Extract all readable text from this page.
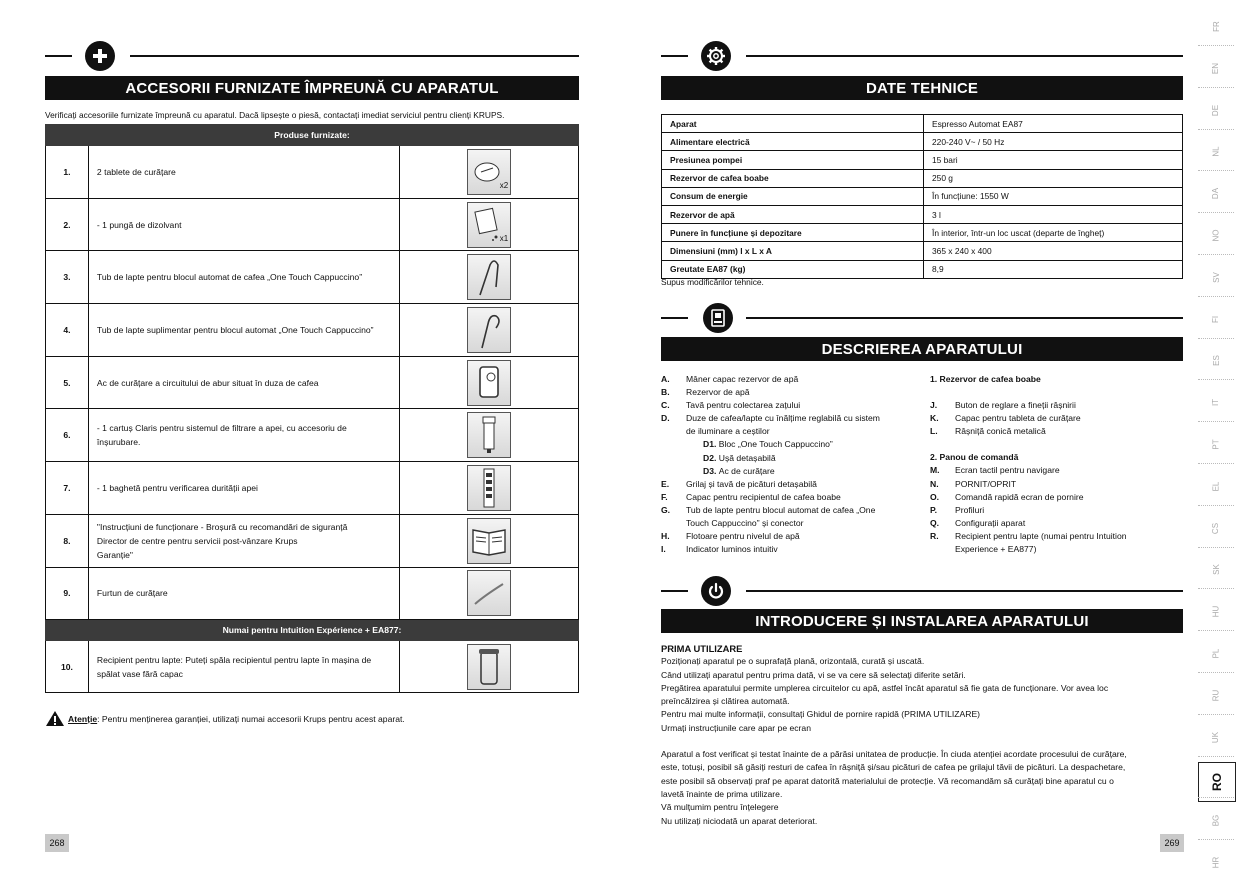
ACCESORII FURNIZATE ÎMPREUNĂ CU APARATUL
Verificați accesoriile furnizate împreună cu aparatul. Dacă lipsește o piesă, contactați imediat serviciul pentru clienți KRUPS.
Produse furnizate:		
1.	2 tablete de curățare	x2

2.	- 1 pungă de dizolvant	x1

3.	Tub de lapte pentru blocul automat de cafea „One Touch Cappuccino”	

4.	Tub de lapte suplimentar pentru blocul automat „One Touch Cappuccino”	

5.	Ac de curățare a circuitului de abur situat în duza de cafea	

6.	- 1 cartuș Claris pentru sistemul de filtrare a apei, cu accesoriu de înșurubare.	

7.	- 1 baghetă pentru verificarea durității apei	

8.	"Instrucțiuni de funcționare - Broșură cu recomandări de siguranță
Director de centre pentru servicii post-vânzare Krups
Garanție"	

9.	Furtun de curățare	

Numai pentru Intuition Expérience + EA877:		
10.	Recipient pentru lapte: Puteți spăla recipientul pentru lapte în mașina de spălat vase fără capac	
Atenție : Pentru menținerea garanției, utilizați numai accesorii Krups pentru acest aparat.
268
DATE TEHNICE
Aparat	Espresso Automat EA87
Alimentare electrică	220-240 V~ / 50 Hz
Presiunea pompei	15 bari
Rezervor de cafea boabe	250 g
Consum de energie	În funcțiune: 1550 W
Rezervor de apă	3 l
Punere în funcțiune și depozitare	În interior, într-un loc uscat (departe de îngheț)
Dimensiuni (mm) l x L x A	365 x 240 x 400
Greutate EA87 (kg)	8,9
Supus modificărilor tehnice.
DESCRIEREA APARATULUI
A.	Mâner capac rezervor de apă
B.	Rezervor de apă
C.	Tavă pentru colectarea zațului
D.	Duze de cafea/lapte cu înălțime reglabilă cu sistem
de iluminare a ceștilor
D1. Bloc „One Touch Cappuccino”
D2. Ușă detașabilă
D3. Ac de curățare
E.	Grilaj și tavă de picături detașabilă
F.	Capac pentru recipientul de cafea boabe
G.	Tub de lapte pentru blocul automat de cafea „One
Touch Cappuccino” și conector
H.	Flotoare pentru nivelul de apă
I.	Indicator luminos intuitiv
1. Rezervor de cafea boabe
J.	Buton de reglare a fineții râșnirii
K.	Capac pentru tableta de curățare
L.	Râșniță conică metalică
2. Panou de comandă
M.	Ecran tactil pentru navigare
N.	PORNIT/OPRIT
O.	Comandă rapidă ecran de pornire
P.	Profiluri
Q.	Configurații aparat
R.	Recipient pentru lapte (numai pentru Intuition
Experience + EA877)
INTRODUCERE ȘI INSTALAREA APARATULUI
PRIMA UTILIZARE
Poziționați aparatul pe o suprafață plană, orizontală, curată și uscată.
Când utilizați aparatul pentru prima dată, vi se va cere să selectați diferite setări.
Pregătirea aparatului permite umplerea circuitelor cu apă, astfel încât aparatul să fie gata de funcționare. Vor avea loc
preîncălzirea și clătirea automată.
Pentru mai multe informații, consultați Ghidul de pornire rapidă (PRIMA UTILIZARE)
Urmați instrucțiunile care apar pe ecran
Aparatul a fost verificat și testat înainte de a părăsi unitatea de producție. În ciuda atenției acordate procesului de curățare,
este, totuși, posibil să găsiți resturi de cafea în râșniță și/sau picături de cafea pe grilajul tăvii de picături. La despachetare,
este posibil să observați praf pe aparat datorită materialului de protecție. Vă recomandăm să curățați bine aparatul cu o
lavetă înainte de prima utilizare.
Vă mulțumim pentru înțelegere
Nu utilizați niciodată un aparat deteriorat.
269
FR
EN
DE
NL
DA
NO
SV
FI
ES
IT
PT
EL
CS
SK
HU
PL
RU
UK
RO
BG
HR
